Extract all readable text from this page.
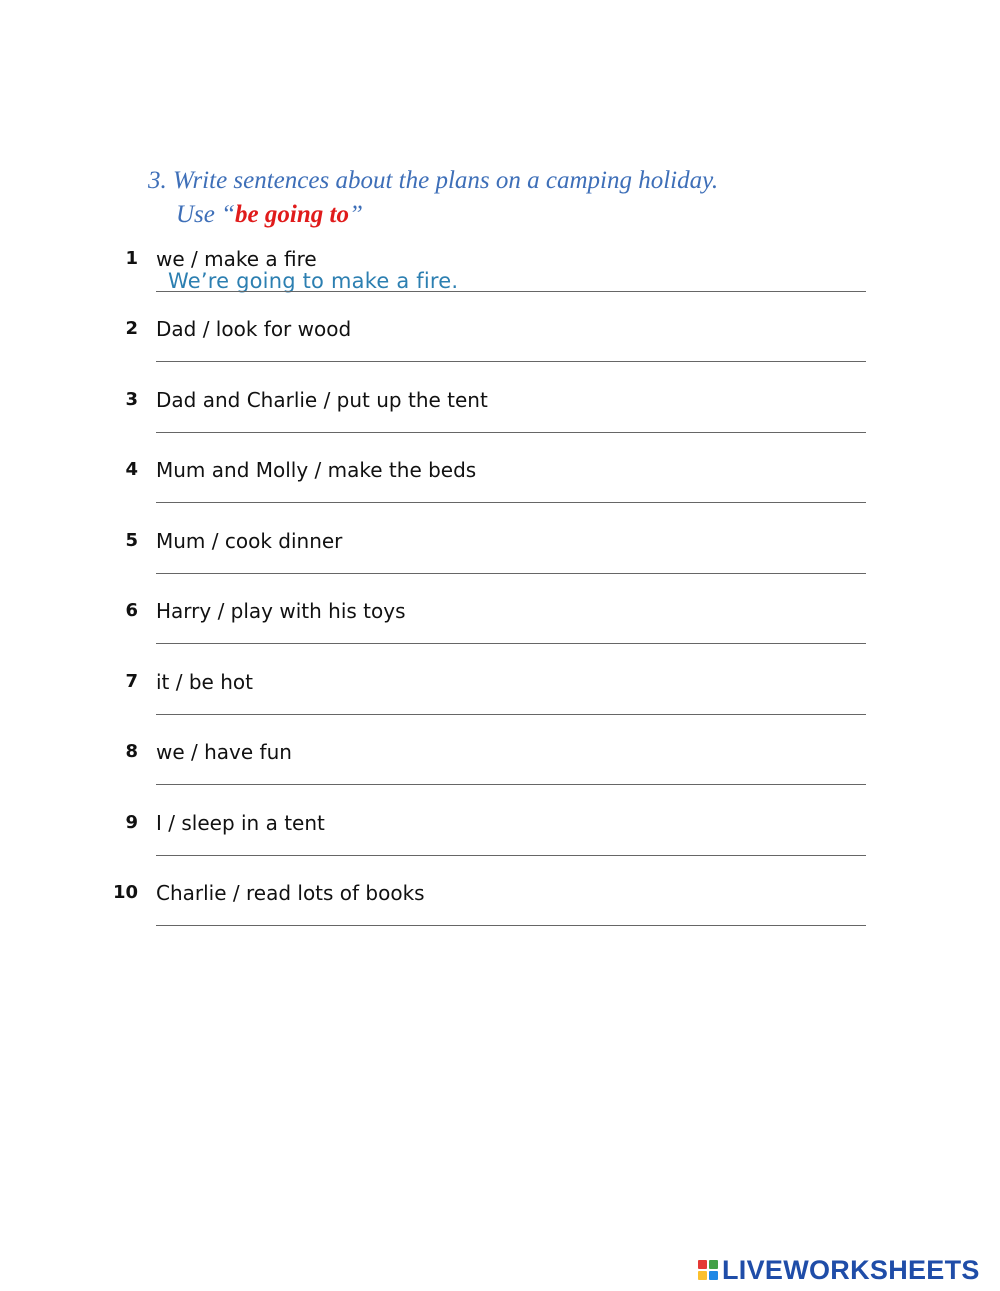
3. Write sentences about the plans on a camping holiday.
Use “be going to”
1 we / make a fire
We’re going to make a fire.
2 Dad / look for wood
3 Dad and Charlie / put up the tent
4 Mum and Molly / make the beds
5 Mum / cook dinner
6 Harry / play with his toys
7 it / be hot
8 we / have fun
9 I / sleep in a tent
10 Charlie / read lots of books
LIVEWORKSHEETS
